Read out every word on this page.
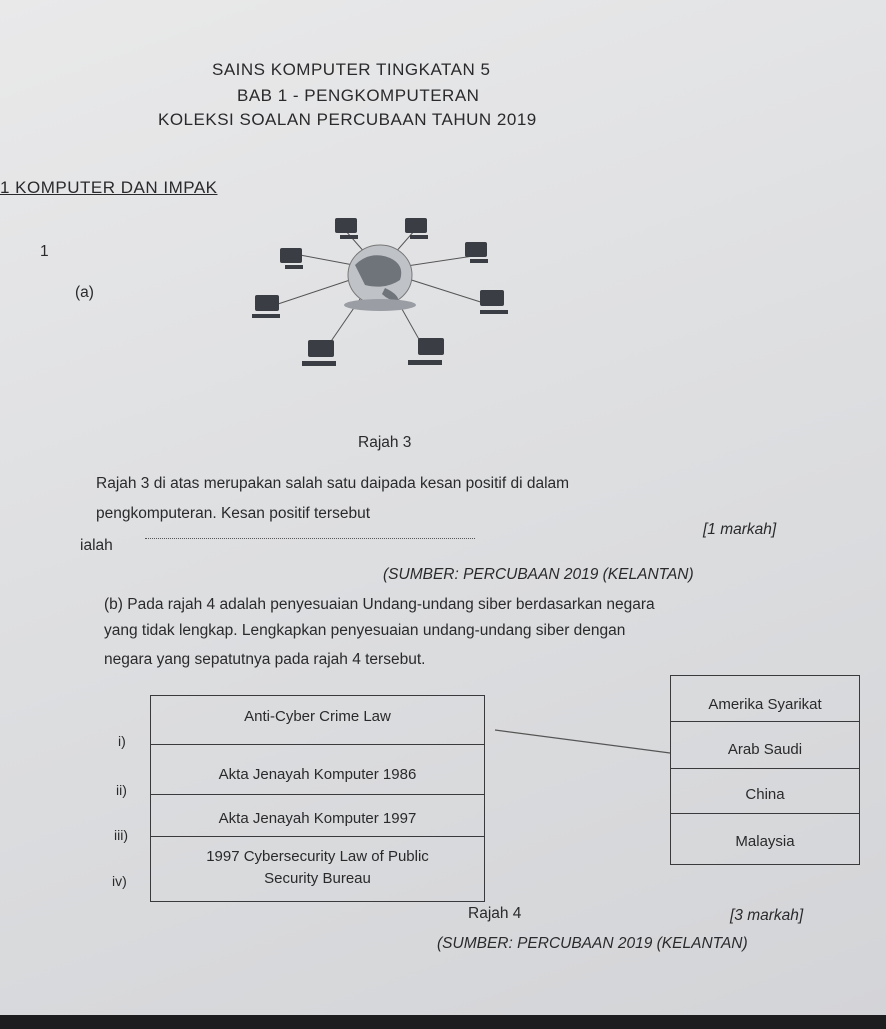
SAINS KOMPUTER TINGKATAN 5
BAB 1 - PENGKOMPUTERAN
KOLEKSI SOALAN PERCUBAAN TAHUN 2019
1 KOMPUTER DAN IMPAK
1
(a)
Rajah 3
Rajah 3 di atas merupakan salah satu daipada kesan positif di dalam
pengkomputeran. Kesan positif tersebut
ialah
[1 markah]
(SUMBER: PERCUBAAN 2019 (KELANTAN)
(b) Pada rajah 4 adalah penyesuaian Undang-undang siber berdasarkan negara
yang tidak lengkap. Lengkapkan penyesuaian undang-undang siber dengan
negara yang sepatutnya pada rajah 4 tersebut.
Anti-Cyber Crime Law
Akta Jenayah Komputer 1986
Akta Jenayah Komputer 1997
1997 Cybersecurity Law of Public
Security Bureau
i)
ii)
iii)
iv)
Amerika Syarikat
Arab Saudi
China
Malaysia
Rajah 4	[3 markah]
(SUMBER: PERCUBAAN 2019 (KELANTAN)
